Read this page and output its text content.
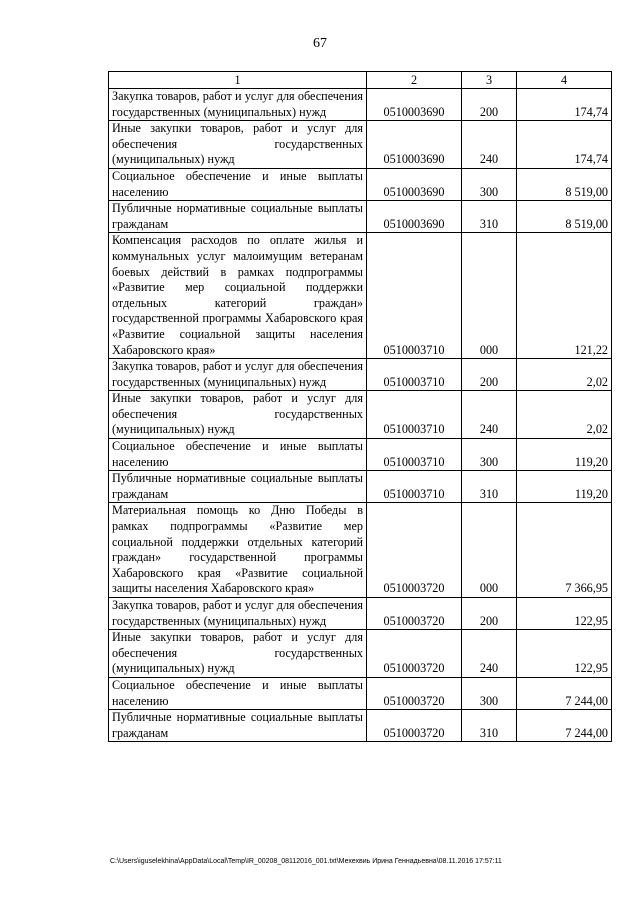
67
1	2	3	4
Закупка товаров, работ и услуг для обеспечения государственных (муниципальных) нужд	0510003690	200	174,74
Иные закупки товаров, работ и услуг для обеспечения государственных (муниципальных) нужд	0510003690	240	174,74
Социальное обеспечение и иные выплаты населению	0510003690	300	8 519,00
Публичные нормативные социальные выплаты гражданам	0510003690	310	8 519,00
Компенсация расходов по оплате жилья и коммунальных услуг малоимущим ветеранам боевых действий в рамках подпрограммы «Развитие мер социальной поддержки отдельных категорий граждан» государственной программы Хабаровского края «Развитие социальной защиты населения Хабаровского края»	0510003710	000	121,22
Закупка товаров, работ и услуг для обеспечения государственных (муниципальных) нужд	0510003710	200	2,02
Иные закупки товаров, работ и услуг для обеспечения государственных (муниципальных) нужд	0510003710	240	2,02
Социальное обеспечение и иные выплаты населению	0510003710	300	119,20
Публичные нормативные социальные выплаты гражданам	0510003710	310	119,20
Материальная помощь ко Дню Победы в рамках подпрограммы «Развитие мер социальной поддержки отдельных категорий граждан» государственной программы Хабаровского края «Развитие социальной защиты населения Хабаровского края»	0510003720	000	7 366,95
Закупка товаров, работ и услуг для обеспечения государственных (муниципальных) нужд	0510003720	200	122,95
Иные закупки товаров, работ и услуг для обеспечения государственных (муниципальных) нужд	0510003720	240	122,95
Социальное обеспечение и иные выплаты населению	0510003720	300	7 244,00
Публичные нормативные социальные выплаты гражданам	0510003720	310	7 244,00
C:\Users\iguselekhina\AppData\Local\Temp\IR_00208_08112016_001.txt\Мехехвиь Ирина Геннадьевна\08.11.2016 17:57:11
